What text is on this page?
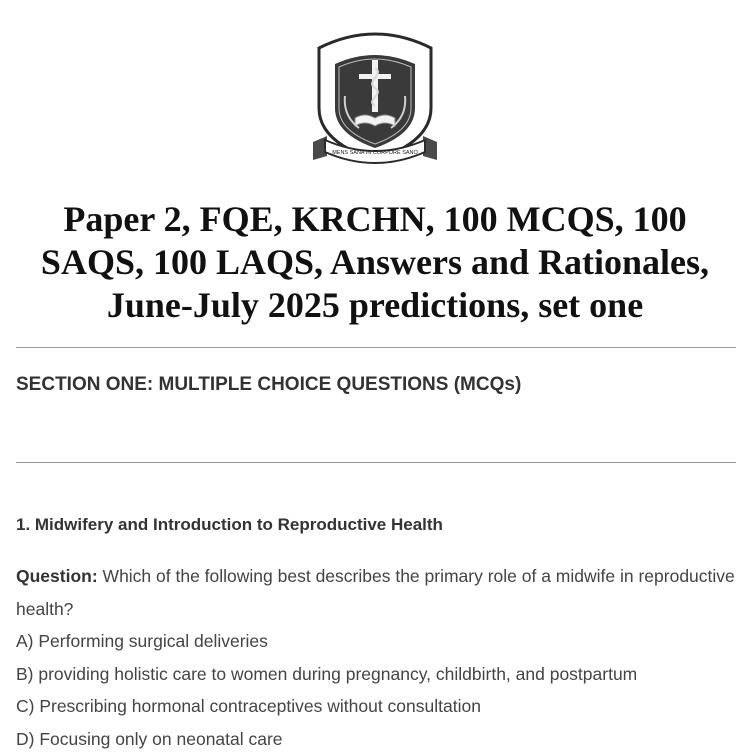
KENYA
COLLEGE
MENS SANA IN CORPORE SANO
Paper 2, FQE, KRCHN, 100 MCQS, 100 SAQS, 100 LAQS, Answers and Rationales, June-July 2025 predictions, set one
SECTION ONE: MULTIPLE CHOICE QUESTIONS (MCQs)
1. Midwifery and Introduction to Reproductive Health

Question: Which of the following best describes the primary role of a midwife in reproductive health?

A) Performing surgical deliveries

B) providing holistic care to women during pregnancy, childbirth, and postpartum

C) Prescribing hormonal contraceptives without consultation

D) Focusing only on neonatal care
